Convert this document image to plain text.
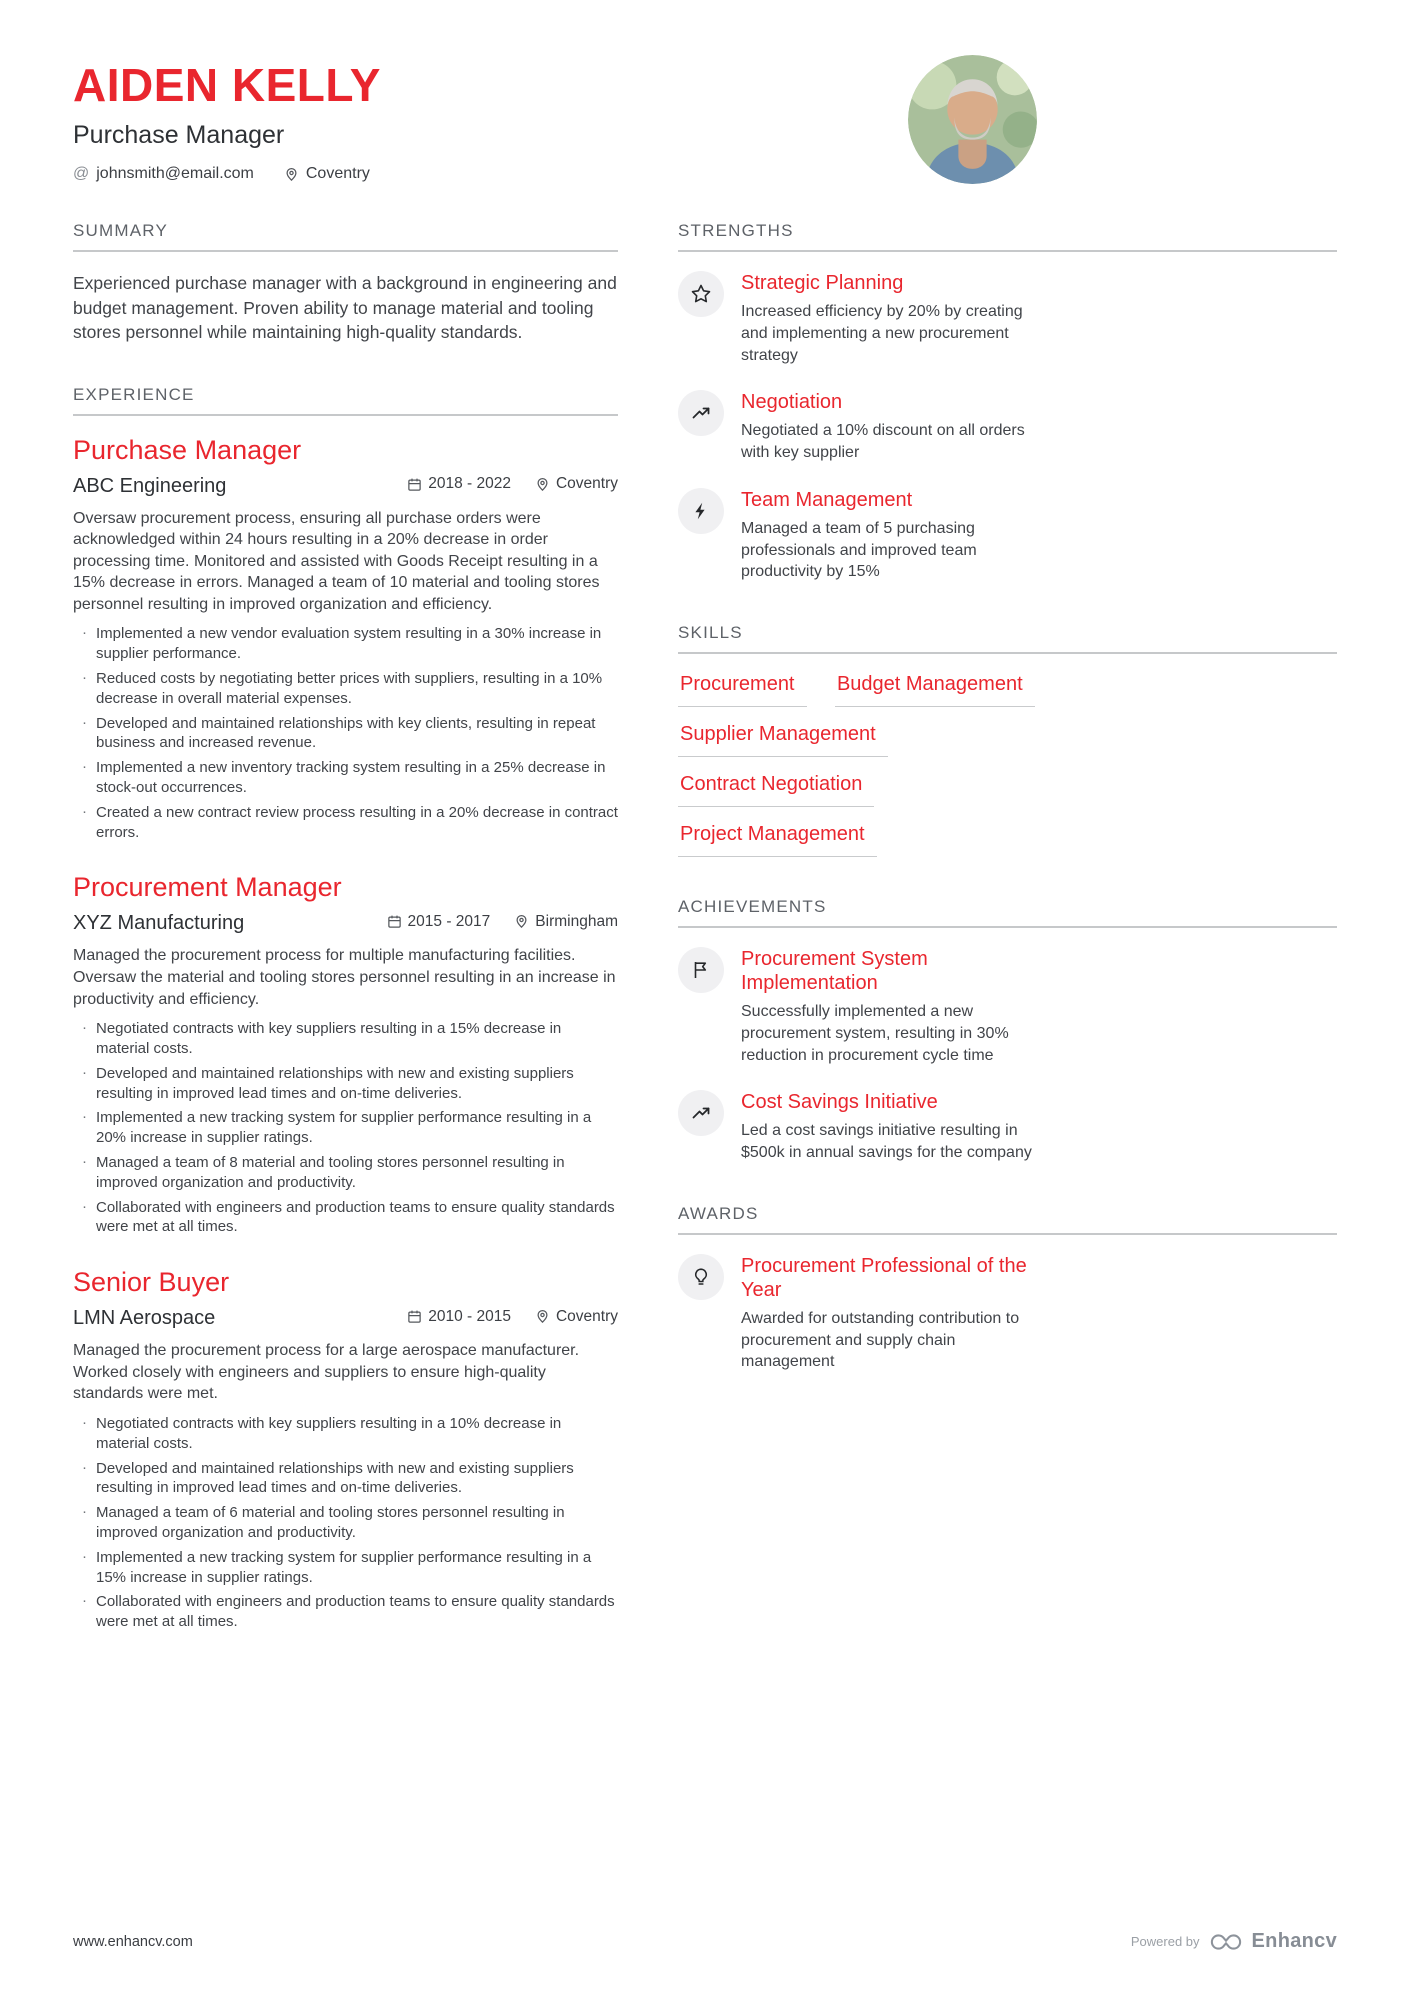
AIDEN KELLY
Purchase Manager
@
johnsmith@email.com	Coventry
SUMMARY

Experienced purchase manager with a background in engineering and budget management. Proven ability to manage material and tooling stores personnel while maintaining high-quality standards.

EXPERIENCE
Purchase Manager
ABC Engineering	2018 - 2022	Coventry

Oversaw procurement process, ensuring all purchase orders were acknowledged within 24 hours resulting in a 20% decrease in order processing time. Monitored and assisted with Goods Receipt resulting in a 15% decrease in errors. Managed a team of 10 material and tooling stores personnel resulting in improved organization and efficiency.

· Implemented a new vendor evaluation system resulting in a 30% increase in supplier performance.
· Reduced costs by negotiating better prices with suppliers, resulting in a 10% decrease in overall material expenses.
· Developed and maintained relationships with key clients, resulting in repeat business and increased revenue.
· Implemented a new inventory tracking system resulting in a 25% decrease in stock-out occurrences.
· Created a new contract review process resulting in a 20% decrease in contract errors.
Procurement Manager
XYZ Manufacturing	2015 - 2017	Birmingham

Managed the procurement process for multiple manufacturing facilities. Oversaw the material and tooling stores personnel resulting in an increase in productivity and efficiency.

· Negotiated contracts with key suppliers resulting in a 15% decrease in material costs.
· Developed and maintained relationships with new and existing suppliers resulting in improved lead times and on-time deliveries.
· Implemented a new tracking system for supplier performance resulting in a 20% increase in supplier ratings.
· Managed a team of 8 material and tooling stores personnel resulting in improved organization and productivity.
· Collaborated with engineers and production teams to ensure quality standards were met at all times.
Senior Buyer
LMN Aerospace	2010 - 2015	Coventry

Managed the procurement process for a large aerospace manufacturer. Worked closely with engineers and suppliers to ensure high-quality standards were met.

· Negotiated contracts with key suppliers resulting in a 10% decrease in material costs.
· Developed and maintained relationships with new and existing suppliers resulting in improved lead times and on-time deliveries.
· Managed a team of 6 material and tooling stores personnel resulting in improved organization and productivity.
· Implemented a new tracking system for supplier performance resulting in a 15% increase in supplier ratings.
· Collaborated with engineers and production teams to ensure quality standards were met at all times.
STRENGTHS
Strategic Planning
Increased efficiency by 20% by creating and implementing a new procurement strategy
Negotiation
Negotiated a 10% discount on all orders with key supplier
Team Management
Managed a team of 5 purchasing professionals and improved team productivity by 15%
SKILLS
Procurement Budget Management
Supplier Management
Contract Negotiation
Project Management
ACHIEVEMENTS
Procurement System Implementation
Successfully implemented a new procurement system, resulting in 30% reduction in procurement cycle time
Cost Savings Initiative
Led a cost savings initiative resulting in $500k in annual savings for the company
AWARDS
Procurement Professional of the Year
Awarded for outstanding contribution to procurement and supply chain management
www.enhancv.com	Powered by	Enhancv
